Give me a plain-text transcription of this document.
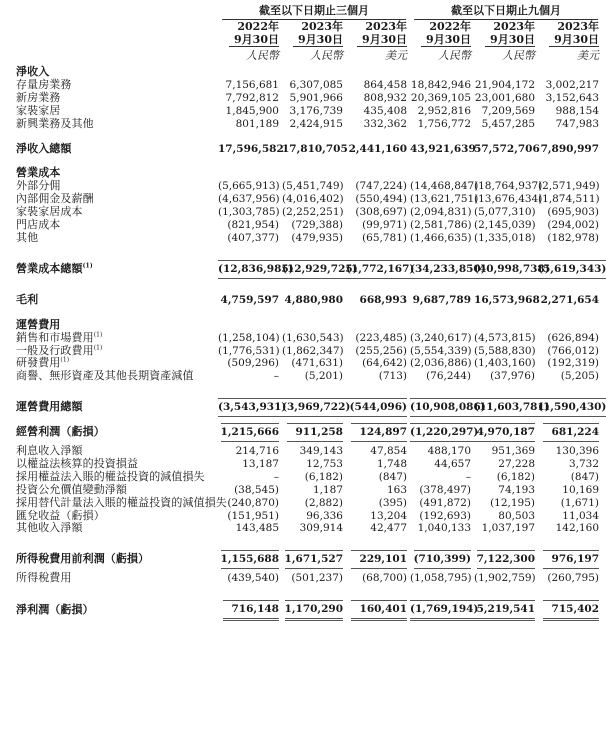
	截至以下日期止三個月			截至以下日期止九個月		

	2022年	2023年	2023年	2022年	2023年	2023年
	9月30日	9月30日	9月30日	9月30日	9月30日	9月30日
	人民幣	人民幣	美元	人民幣	人民幣	美元
淨收入						
存量房業務	7,156,681	6,307,085	864,458	18,842,946	21,904,172	3,002,217
新房業務	7,792,812	5,901,966	808,932	20,369,105	23,001,680	3,152,643
家裝家居	1,845,900	3,176,739	435,408	2,952,816	7,209,569	988,154
新興業務及其他	801,189	2,424,915	332,362	1,756,772	5,457,285	747,983

淨收入總額	17,596,582	17,810,705	2,441,160	43,921,639	57,572,706	7,890,997

營業成本						
外部分佣	(5,665,913)	(5,451,749)	(747,224)	(14,468,847)	(18,764,937)	(2,571,949)
內部佣金及薪酬	(4,637,956)	(4,016,402)	(550,494)	(13,621,751)	(13,676,434)	(1,874,511)
家裝家居成本	(1,303,785)	(2,252,251)	(308,697)	(2,094,831)	(5,077,310)	(695,903)
門店成本	(821,954)	(729,388)	(99,971)	(2,581,786)	(2,145,039)	(294,002)
其他	(407,377)	(479,935)	(65,781)	(1,466,635)	(1,335,018)	(182,978)

營業成本總額$^{(1)}$	(12,836,985)	(12,929,725)	(1,772,167)	(34,233,850)	(40,998,738)	(5,619,343)

毛利	4,759,597	4,880,980	668,993	9,687,789	16,573,968	2,271,654

運營費用						
銷售和市場費用$^{(1)}$	(1,258,104)	(1,630,543)	(223,485)	(3,240,617)	(4,573,815)	(626,894)
一般及行政費用$^{(1)}$	(1,776,531)	(1,862,347)	(255,256)	(5,554,339)	(5,588,830)	(766,012)
研發費用$^{(1)}$	(509,296)	(471,631)	(64,642)	(2,036,886)	(1,403,160)	(192,319)
商譽、無形資產及其他長期資產減值	–	(5,201)	(713)	(76,244)	(37,976)	(5,205)

運營費用總額	(3,543,931)	(3,969,722)	(544,096)	(10,908,086)	(11,603,781)	(1,590,430)
經營利潤（虧損）	1,215,666	911,258	124,897	(1,220,297)	4,970,187	681,224
利息收入淨額	214,716	349,143	47,854	488,170	951,369	130,396
以權益法核算的投資損益	13,187	12,753	1,748	44,657	27,228	3,732
採用權益法入賬的權益投資的減值損失	–	(6,182)	(847)	–	(6,182)	(847)
投資公允價值變動淨額	(38,545)	1,187	163	(378,497)	74,193	10,169
採用替代計量法入賬的權益投資的減值損失	(240,870)	(2,882)	(395)	(491,872)	(12,195)	(1,671)
匯兌收益（虧損）	(151,951)	96,336	13,204	(192,693)	80,503	11,034
其他收入淨額	143,485	309,914	42,477	1,040,133	1,037,197	142,160

所得稅費用前利潤（虧損）	1,155,688	1,671,527	229,101	(710,399)	7,122,300	976,197
所得稅費用	(439,540)	(501,237)	(68,700)	(1,058,795)	(1,902,759)	(260,795)

淨利潤（虧損）	716,148	1,170,290	160,401	(1,769,194)	5,219,541	715,402
